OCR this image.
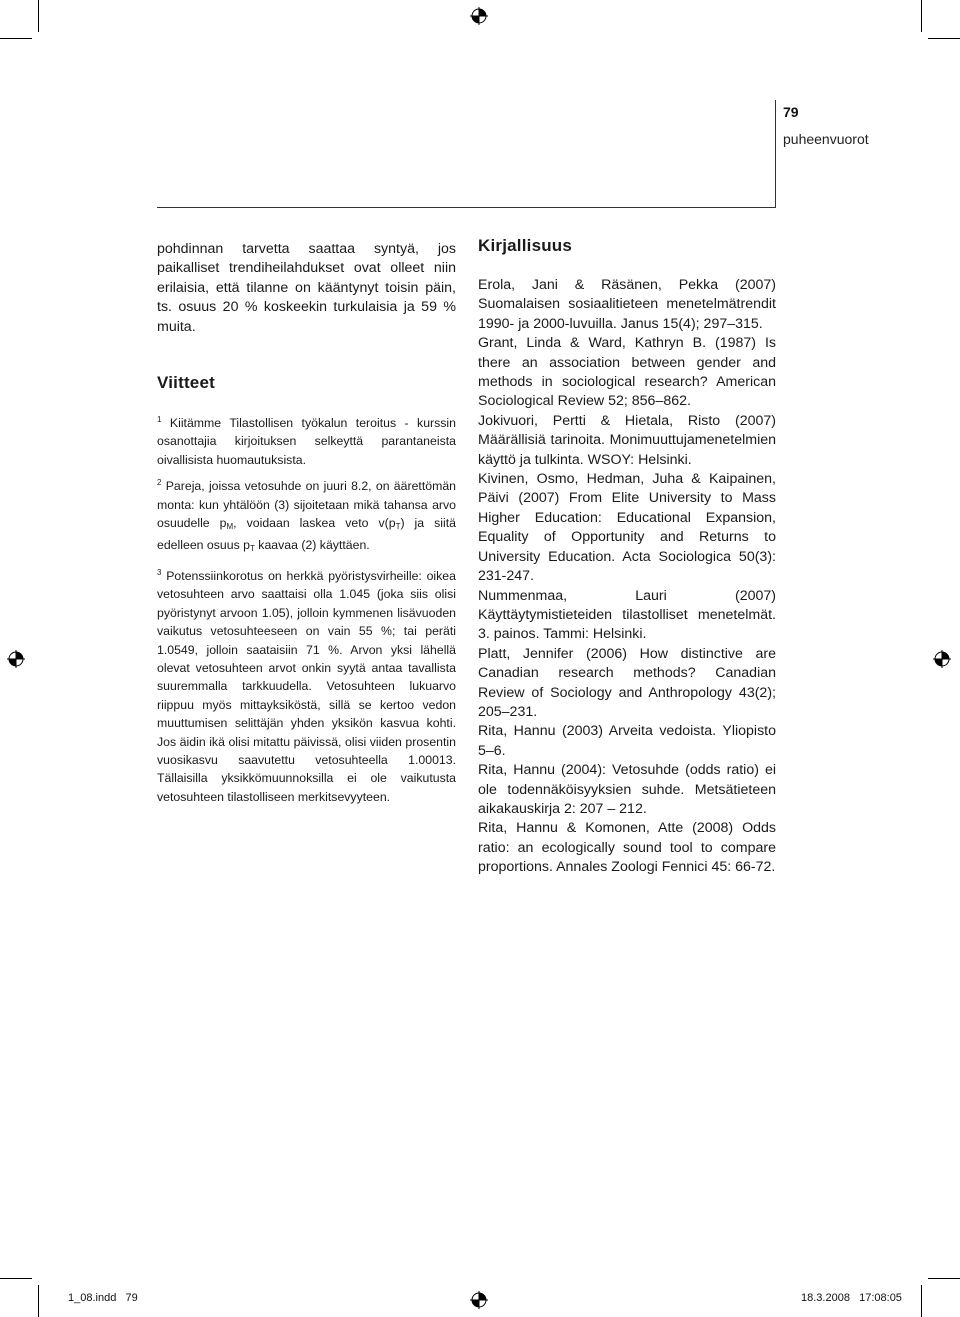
79
puheenvuorot

pohdinnan tarvetta saattaa syntyä, jos paikalliset trendiheilahdukset ovat olleet niin erilaisia, että tilanne on kääntynyt toisin päin, ts. osuus 20 % koskeekin turkulaisia ja 59 % muita.

Viitteet

$^1$ Kiitämme Tilastollisen työkalun teroitus - kurssin osanottajia kirjoituksen selkeyttä parantaneista oivallisista huomautuksista.

$^2$ Pareja, joissa vetosuhde on juuri 8.2, on äärettömän monta: kun yhtälöön (3) sijoitetaan mikä tahansa arvo osuudelle $p_M$, voidaan laskea veto $v(p_T)$ ja siitä edelleen osuus $p_T$ kaavaa (2) käyttäen.

$^3$ Potenssiinkorotus on herkkä pyöristysvirheille: oikea vetosuhteen arvo saattaisi olla 1.045 (joka siis olisi pyöristynyt arvoon 1.05), jolloin kymmenen lisävuoden vaikutus vetosuhteeseen on vain 55 %; tai peräti 1.0549, jolloin saataisiin 71 %. Arvon yksi lähellä olevat vetosuhteen arvot onkin syytä antaa tavallista suuremmalla tarkkuudella. Vetosuhteen lukuarvo riippuu myös mittayksiköstä, sillä se kertoo vedon muuttumisen selittäjän yhden yksikön kasvua kohti. Jos äidin ikä olisi mitattu päivissä, olisi viiden prosentin vuosikasvu saavutettu vetosuhteella 1.00013. Tällaisilla yksikkömuunnoksilla ei ole vaikutusta vetosuhteen tilastolliseen merkitsevyyteen.

Kirjallisuus

Erola, Jani & Räsänen, Pekka (2007) Suomalaisen sosiaalitieteen menetelmätrendit 1990- ja 2000-luvuilla. Janus 15(4); 297–315.

Grant, Linda & Ward, Kathryn B. (1987) Is there an association between gender and methods in sociological research? American Sociological Review 52; 856–862.

Jokivuori, Pertti & Hietala, Risto (2007) Määrällisiä tarinoita. Monimuuttujamenetelmien käyttö ja tulkinta. WSOY: Helsinki.

Kivinen, Osmo, Hedman, Juha & Kaipainen, Päivi (2007) From Elite University to Mass Higher Education: Educational Expansion, Equality of Opportunity and Returns to University Education. Acta Sociologica 50(3): 231-247.

Nummenmaa, Lauri (2007) Käyttäytymistieteiden tilastolliset menetelmät. 3. painos. Tammi: Helsinki.

Platt, Jennifer (2006) How distinctive are Canadian research methods? Canadian Review of Sociology and Anthropology 43(2); 205–231.

Rita, Hannu (2003) Arveita vedoista. Yliopisto 5–6.

Rita, Hannu (2004): Vetosuhde (odds ratio) ei ole todennäköisyyksien suhde. Metsätieteen aikakauskirja 2: 207 – 212.

Rita, Hannu & Komonen, Atte (2008) Odds ratio: an ecologically sound tool to compare proportions. Annales Zoologi Fennici 45: 66-72.

1_08.indd   79	18.3.2008   17:08:05
